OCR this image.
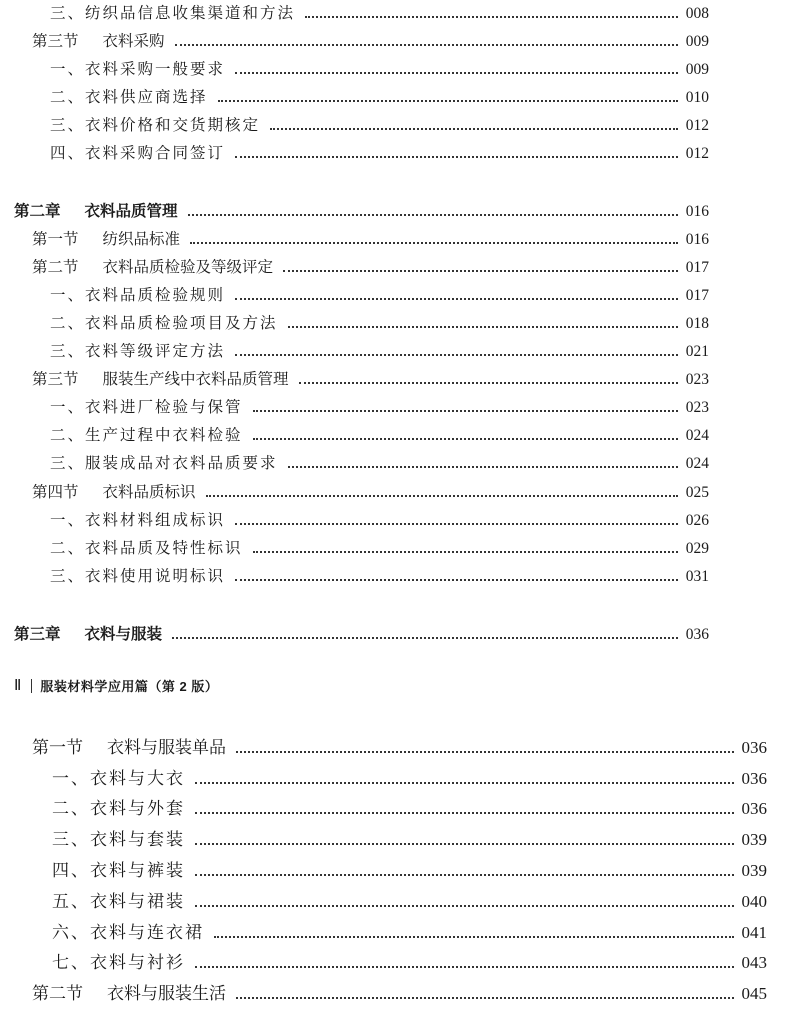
三、纺织品信息收集渠道和方法	008
第三节 衣料采购	009
一、衣料采购一般要求	009
二、衣料供应商选择	010
三、衣料价格和交货期核定	012
四、衣料采购合同签订	012
第二章 衣料品质管理	016
第一节 纺织品标准	016
第二节 衣料品质检验及等级评定	017
一、衣料品质检验规则	017
二、衣料品质检验项目及方法	018
三、衣料等级评定方法	021
第三节 服装生产线中衣料品质管理	023
一、衣料进厂检验与保管	023
二、生产过程中衣料检验	024
三、服装成品对衣料品质要求	024
第四节 衣料品质标识	025
一、衣料材料组成标识	026
二、衣料品质及特性标识	029
三、衣料使用说明标识	031
第三章 衣料与服装	036
Ⅱ 服装材料学应用篇（第 2 版）
第一节 衣料与服装单品	036
一、衣料与大衣	036
二、衣料与外套	036
三、衣料与套装	039
四、衣料与裤装	039
五、衣料与裙装	040
六、衣料与连衣裙	041
七、衣料与衬衫	043
第二节 衣料与服装生活	045
